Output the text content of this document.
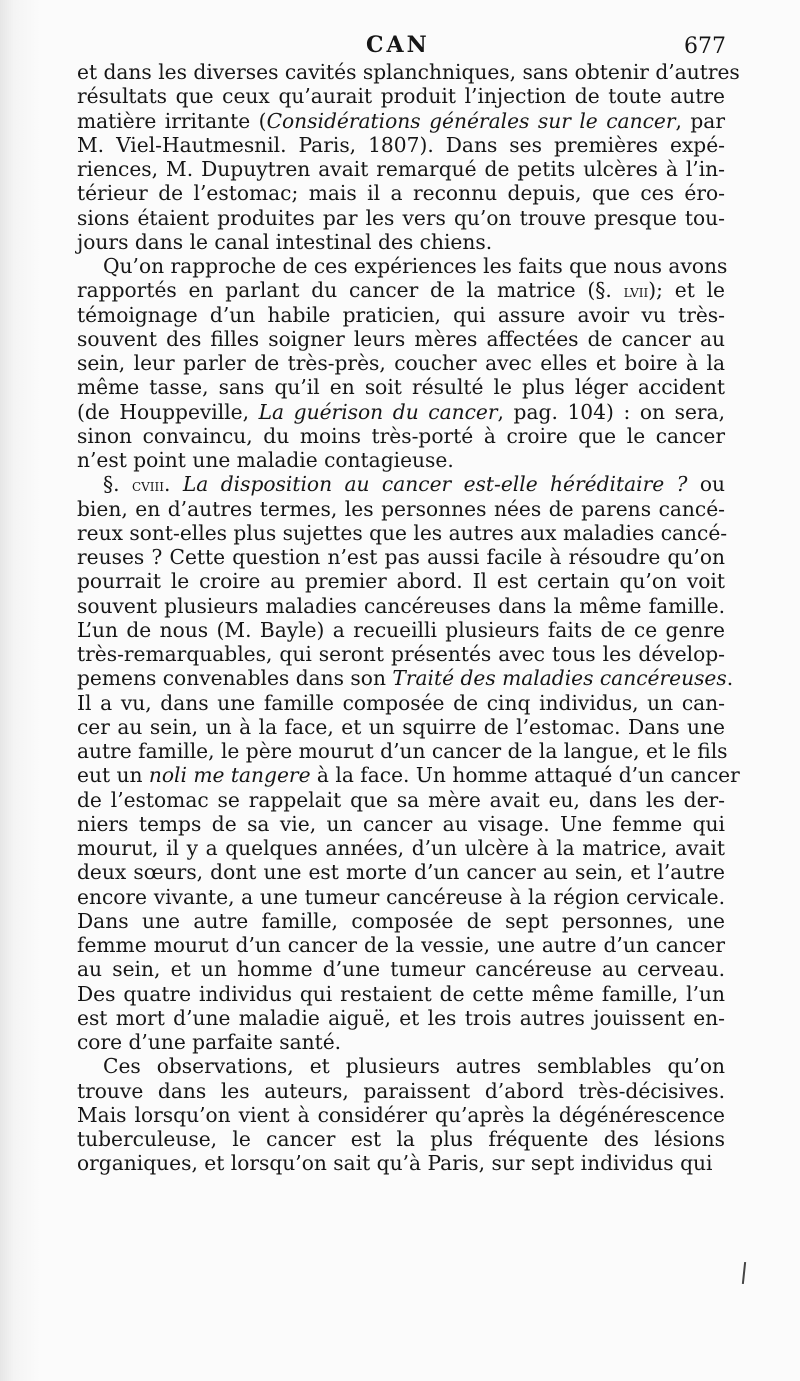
CAN	677
et dans les diverses cavités splanchniques, sans obtenir d’autres
résultats que ceux qu’aurait produit l’injection de toute autre
matière irritante (Considérations générales sur le cancer, par
M. Viel-Hautmesnil. Paris, 1807). Dans ses premières expé-
riences, M. Dupuytren avait remarqué de petits ulcères à l’in-
térieur de l’estomac; mais il a reconnu depuis, que ces éro-
sions étaient produites par les vers qu’on trouve presque tou-
jours dans le canal intestinal des chiens.
Qu’on rapproche de ces expériences les faits que nous avons
rapportés en parlant du cancer de la matrice (§. lvii); et le
témoignage d’un habile praticien, qui assure avoir vu très-
souvent des filles soigner leurs mères affectées de cancer au
sein, leur parler de très-près, coucher avec elles et boire à la
même tasse, sans qu’il en soit résulté le plus léger accident
(de Houppeville, La guérison du cancer, pag. 104) : on sera,
sinon convaincu, du moins très-porté à croire que le cancer
n’est point une maladie contagieuse.
§. cviii. La disposition au cancer est-elle héréditaire ? ou
bien, en d’autres termes, les personnes nées de parens cancé-
reux sont-elles plus sujettes que les autres aux maladies cancé-
reuses ? Cette question n’est pas aussi facile à résoudre qu’on
pourrait le croire au premier abord. Il est certain qu’on voit
souvent plusieurs maladies cancéreuses dans la même famille.
L’un de nous (M. Bayle) a recueilli plusieurs faits de ce genre
très-remarquables, qui seront présentés avec tous les dévelop-
pemens convenables dans son Traité des maladies cancéreuses.
Il a vu, dans une famille composée de cinq individus, un can-
cer au sein, un à la face, et un squirre de l’estomac. Dans une
autre famille, le père mourut d’un cancer de la langue, et le fils
eut un noli me tangere à la face. Un homme attaqué d’un cancer
de l’estomac se rappelait que sa mère avait eu, dans les der-
niers temps de sa vie, un cancer au visage. Une femme qui
mourut, il y a quelques années, d’un ulcère à la matrice, avait
deux sœurs, dont une est morte d’un cancer au sein, et l’autre
encore vivante, a une tumeur cancéreuse à la région cervicale.
Dans une autre famille, composée de sept personnes, une
femme mourut d’un cancer de la vessie, une autre d’un cancer
au sein, et un homme d’une tumeur cancéreuse au cerveau.
Des quatre individus qui restaient de cette même famille, l’un
est mort d’une maladie aiguë, et les trois autres jouissent en-
core d’une parfaite santé.
Ces observations, et plusieurs autres semblables qu’on
trouve dans les auteurs, paraissent d’abord très-décisives.
Mais lorsqu’on vient à considérer qu’après la dégénérescence
tuberculeuse, le cancer est la plus fréquente des lésions
organiques, et lorsqu’on sait qu’à Paris, sur sept individus qui
